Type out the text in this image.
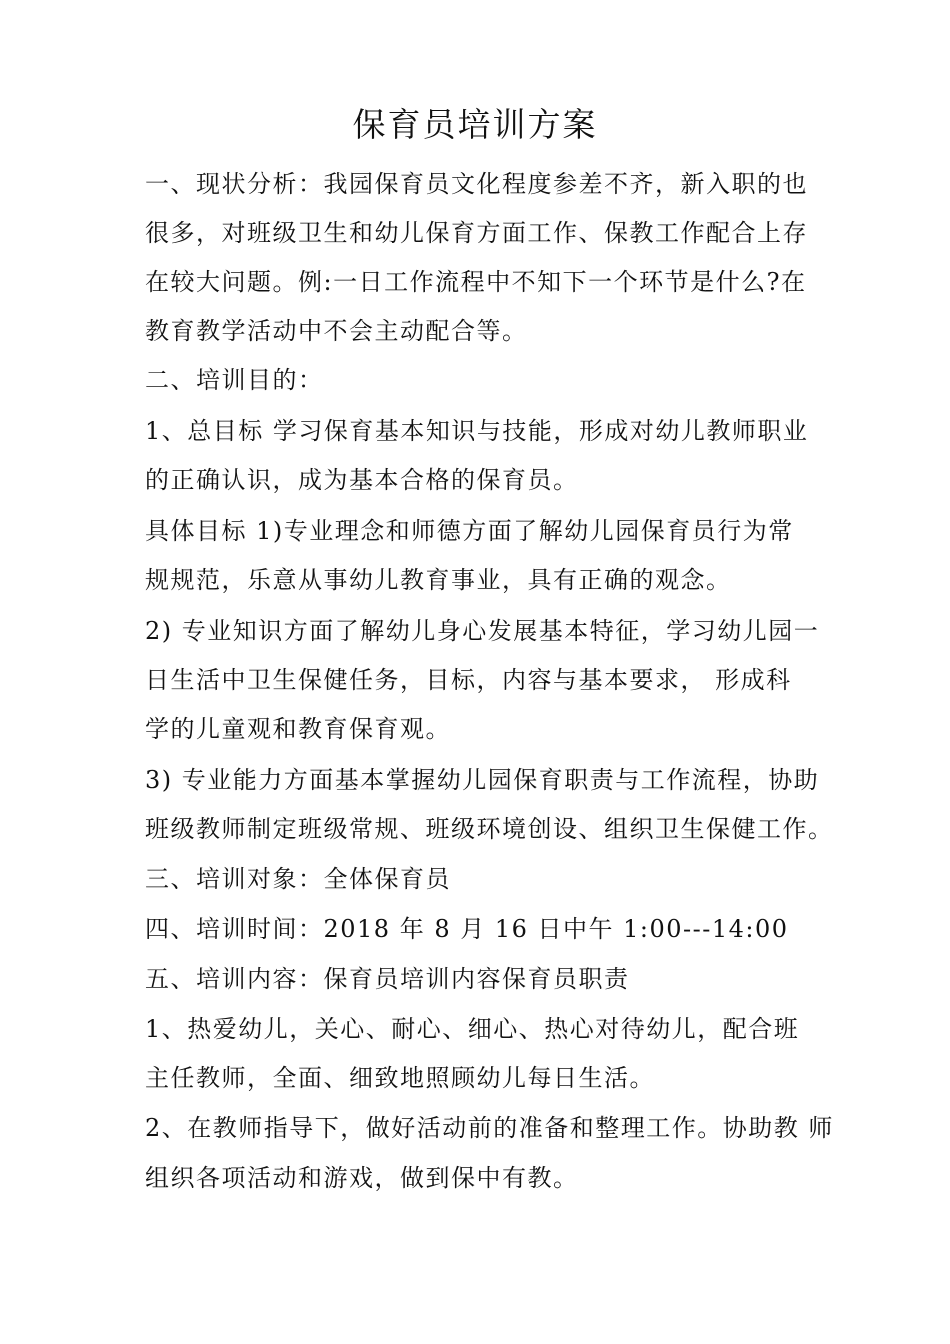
保育员培训方案
一、现状分析：我园保育员文化程度参差不齐，新入职的也
很多，对班级卫生和幼儿保育方面工作、保教工作配合上存
在较大问题。例:一日工作流程中不知下一个环节是什么?在
教育教学活动中不会主动配合等。
二、培训目的：
1、总目标 学习保育基本知识与技能，形成对幼儿教师职业
的正确认识，成为基本合格的保育员。
具体目标 1)专业理念和师德方面了解幼儿园保育员行为常
规规范，乐意从事幼儿教育事业，具有正确的观念。
2) 专业知识方面了解幼儿身心发展基本特征，学习幼儿园一
日生活中卫生保健任务，目标，内容与基本要求， 形成科
学的儿童观和教育保育观。
3) 专业能力方面基本掌握幼儿园保育职责与工作流程，协助
班级教师制定班级常规、班级环境创设、组织卫生保健工作。
三、培训对象：全体保育员
四、培训时间：2018 年 8 月 16 日中午 1:00---14:00
五、培训内容：保育员培训内容保育员职责
1、热爱幼儿，关心、耐心、细心、热心对待幼儿，配合班
主任教师，全面、细致地照顾幼儿每日生活。
2、在教师指导下，做好活动前的准备和整理工作。协助教 师
组织各项活动和游戏，做到保中有教。
